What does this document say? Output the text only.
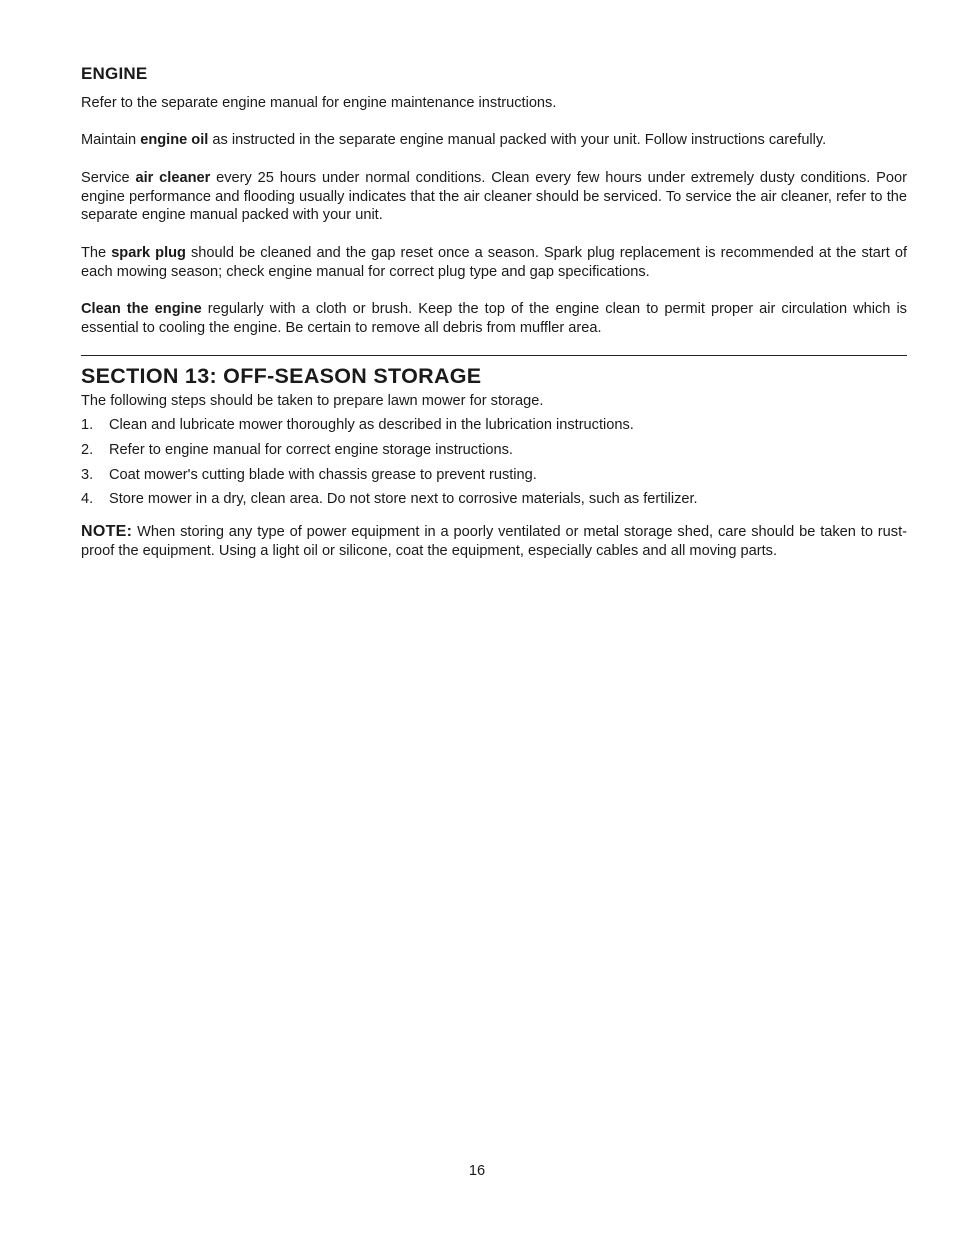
ENGINE

Refer to the separate engine manual for engine maintenance instructions.

Maintain engine oil as instructed in the separate engine manual packed with your unit. Follow instructions carefully.

Service air cleaner every 25 hours under normal conditions. Clean every few hours under extremely dusty conditions. Poor engine performance and flooding usually indicates that the air cleaner should be serviced. To service the air cleaner, refer to the separate engine manual packed with your unit.

The spark plug should be cleaned and the gap reset once a season. Spark plug replacement is recommended at the start of each mowing season; check engine manual for correct plug type and gap specifications.

Clean the engine regularly with a cloth or brush. Keep the top of the engine clean to permit proper air circulation which is essential to cooling the engine. Be certain to remove all debris from muffler area.

SECTION 13: OFF-SEASON STORAGE

The following steps should be taken to prepare lawn mower for storage.

1. Clean and lubricate mower thoroughly as described in the lubrication instructions.
2. Refer to engine manual for correct engine storage instructions.
3. Coat mower's cutting blade with chassis grease to prevent rusting.
4. Store mower in a dry, clean area. Do not store next to corrosive materials, such as fertilizer.

NOTE: When storing any type of power equipment in a poorly ventilated or metal storage shed, care should be taken to rust-proof the equipment. Using a light oil or silicone, coat the equipment, especially cables and all moving parts.

16
